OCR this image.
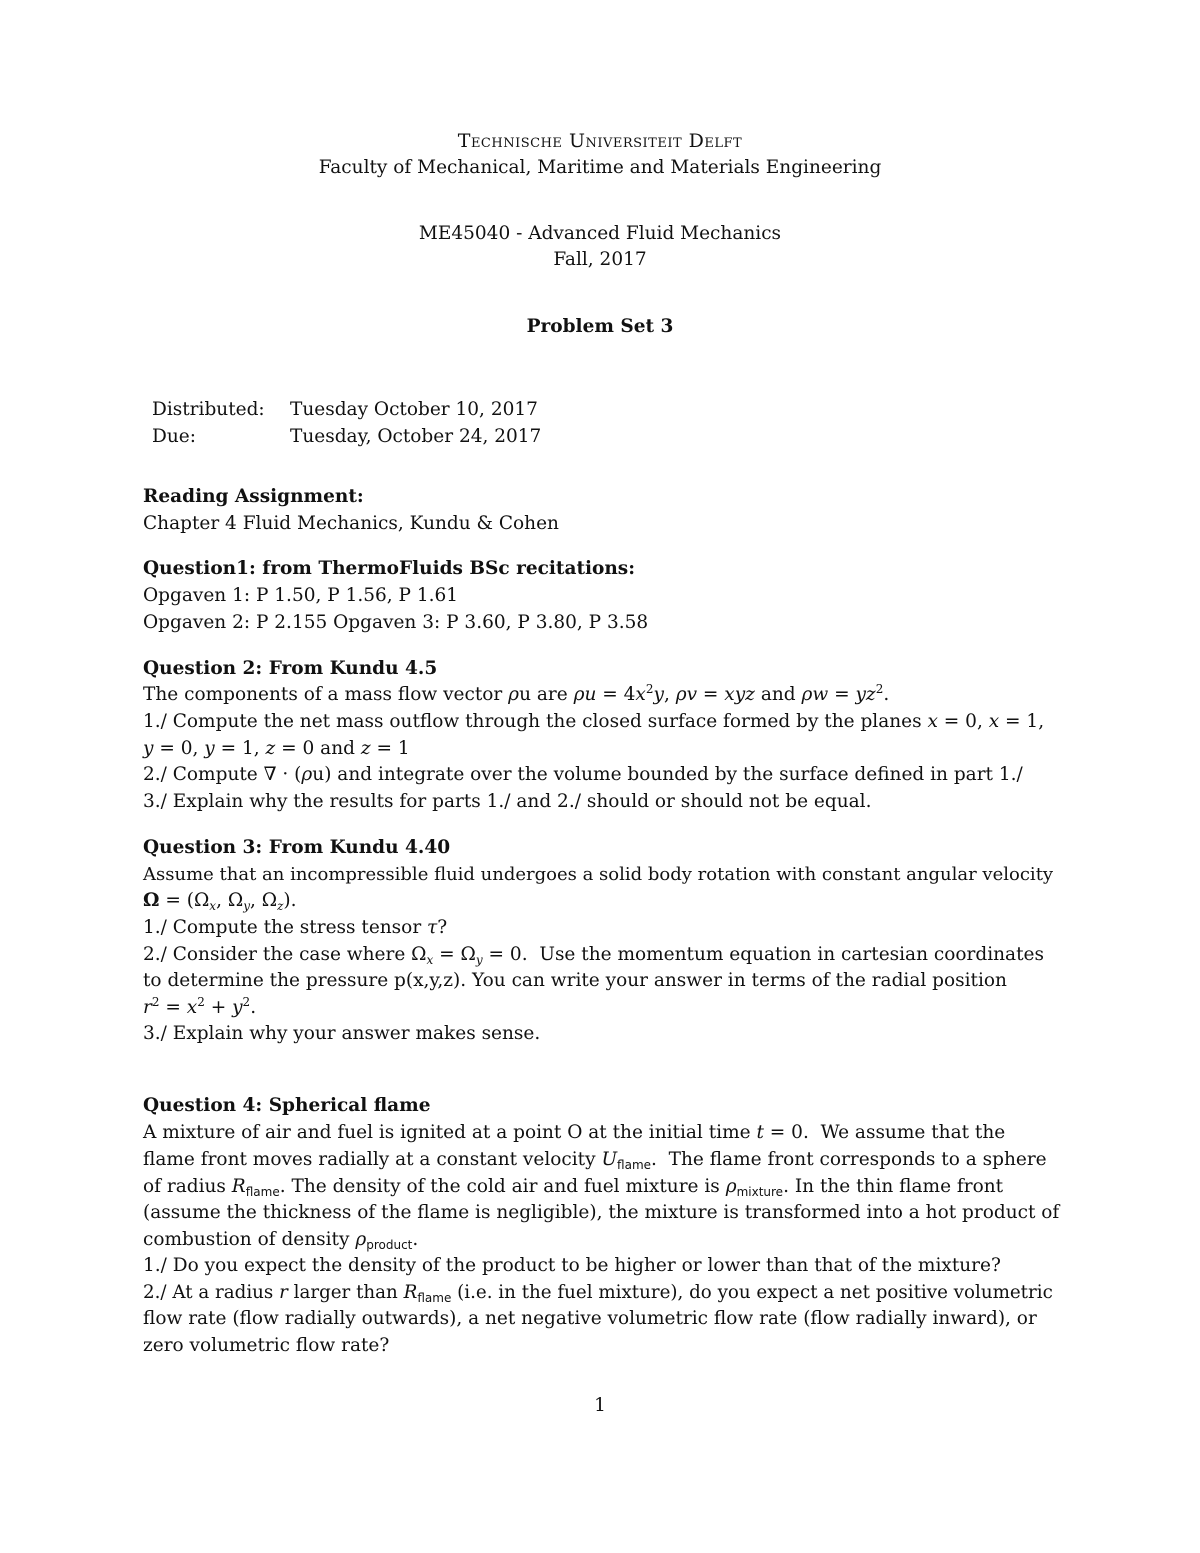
Technische Universiteit Delft
Faculty of Mechanical, Maritime and Materials Engineering
ME45040 - Advanced Fluid Mechanics
Fall, 2017
Problem Set 3
Distributed: Tuesday October 10, 2017
Due:	Tuesday, October 24, 2017
Reading Assignment:
Chapter 4 Fluid Mechanics, Kundu & Cohen
Question1: from ThermoFluids BSc recitations:
Opgaven 1: P 1.50, P 1.56, P 1.61
Opgaven 2: P 2.155 Opgaven 3: P 3.60, P 3.80, P 3.58
Question 2: From Kundu 4.5
The components of a mass flow vector ρu are $\rho u = 4x^2y$, ρv = xyz and $\rho w = yz^2$.
1./ Compute the net mass outflow through the closed surface formed by the planes x = 0, x = 1,
y = 0, y = 1, z = 0 and z = 1
2./ Compute ∇ · (ρu) and integrate over the volume bounded by the surface defined in part 1./
3./ Explain why the results for parts 1./ and 2./ should or should not be equal.
Question 3: From Kundu 4.40
Assume that an incompressible fluid undergoes a solid body rotation with constant angular velocity
$\Omega = (\Omega_x$, $\Omega_y$, $\Omega_z$).
1./ Compute the stress tensor τ?
2./ Consider the case where $\Omega_x = \Omega_y = 0$.  Use the momentum equation in cartesian coordinates
to determine the pressure p(x,y,z). You can write your answer in terms of the radial position
$r^2 = x^2 + y^2$.
3./ Explain why your answer makes sense.
Question 4: Spherical flame
A mixture of air and fuel is ignited at a point O at the initial time t = 0.  We assume that the
flame front moves radially at a constant velocity $U_{flame}$.  The flame front corresponds to a sphere
of radius $R_{flame}$. The density of the cold air and fuel mixture is $\rho_{mixture}$. In the thin flame front
(assume the thickness of the flame is negligible), the mixture is transformed into a hot product of
combustion of density $\rho_{product}$.
1./ Do you expect the density of the product to be higher or lower than that of the mixture?
2./ At a radius r larger than $R_{flame}$ (i.e. in the fuel mixture), do you expect a net positive volumetric
flow rate (flow radially outwards), a net negative volumetric flow rate (flow radially inward), or
zero volumetric flow rate?
1
